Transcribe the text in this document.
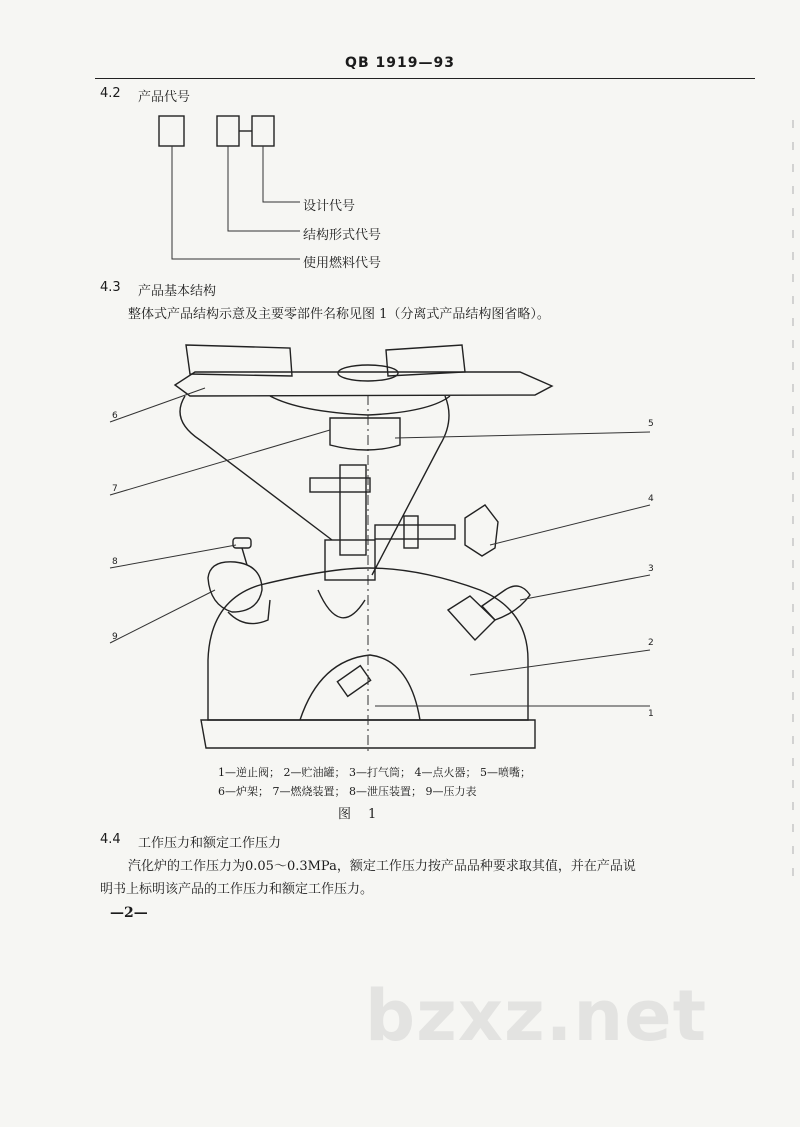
QB 1919—93
4.2 产品代号
设计代号
结构形式代号
使用燃料代号
4.3 产品基本结构
整体式产品结构示意及主要零部件名称见图 1（分离式产品结构图省略）。
1
2
3
4
5
6
7
8
9
1—逆止阀； 2—贮油罐； 3—打气筒； 4—点火器； 5—喷嘴；
6—炉架； 7—燃烧装置； 8—泄压装置； 9—压力表
图　1
4.4 工作压力和额定工作压力
汽化炉的工作压力为0.05～0.3MPa，额定工作压力按产品品种要求取其值，并在产品说
明书上标明该产品的工作压力和额定工作压力。
—2—
bzxz.net
